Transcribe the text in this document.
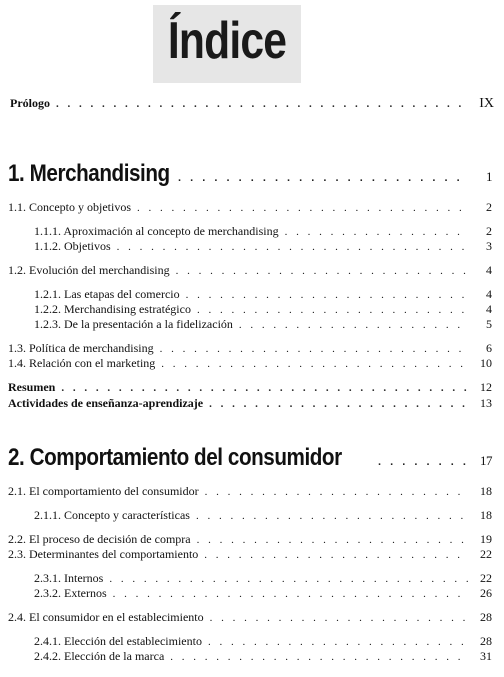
Índice
Prólogo . . .	IX
1. Merchandising . . .	1
1.1. Concepto y objetivos . . .	2
1.1.1. Aproximación al concepto de merchandising . . .	2
1.1.2. Objetivos . . .	3
1.2. Evolución del merchandising . . .	4
1.2.1. Las etapas del comercio . . .	4
1.2.2. Merchandising estratégico . . .	4
1.2.3. De la presentación a la fidelización . . .	5
1.3. Política de merchandising . . .	6
1.4. Relación con el marketing . . .	10
Resumen . . .	12
Actividades de enseñanza-aprendizaje . . .	13
2. Comportamiento del consumidor . . .	17
2.1. El comportamiento del consumidor . . .	18
2.1.1. Concepto y características . . .	18
2.2. El proceso de decisión de compra . . .	19
2.3. Determinantes del comportamiento . . .	22
2.3.1. Internos . . .	22
2.3.2. Externos . . .	26
2.4. El consumidor en el establecimiento . . .	28
2.4.1. Elección del establecimiento . . .	28
2.4.2. Elección de la marca . . .	31
